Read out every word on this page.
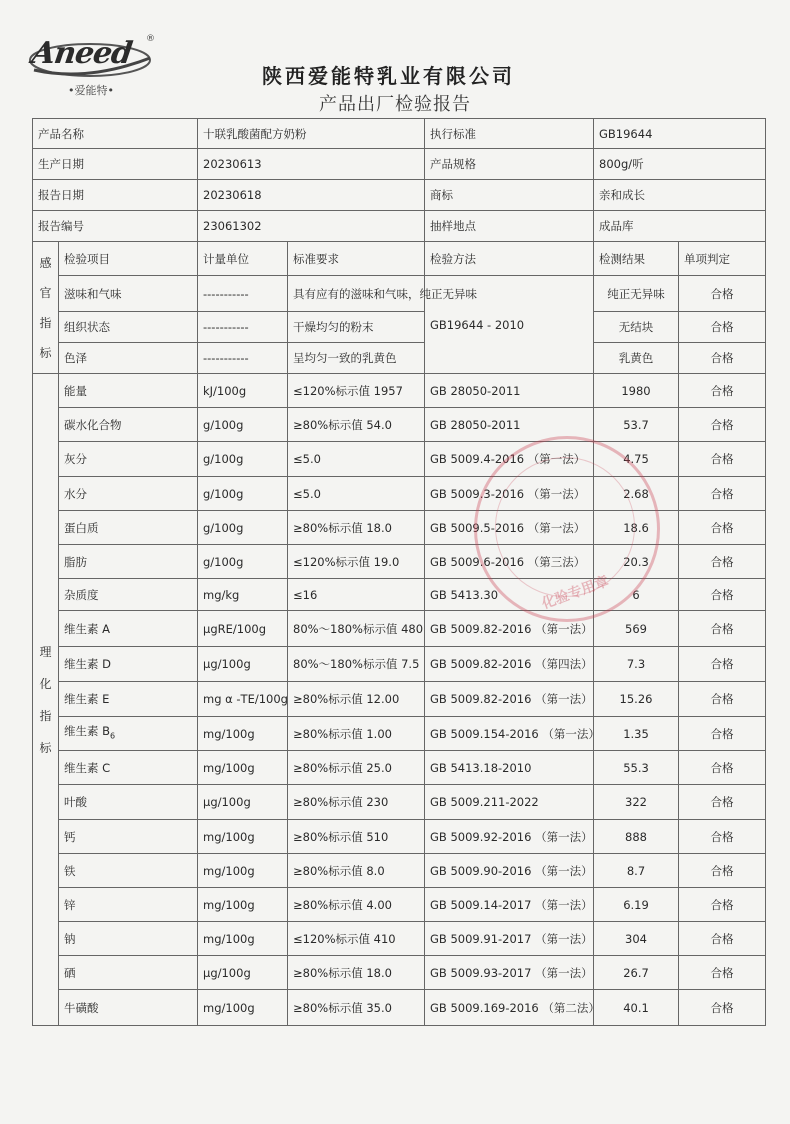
Aneed	®
•爱能特•
陕西爱能特乳业有限公司
产品出厂检验报告
产品名称		十联乳酸菌配方奶粉		执行标准	GB19644	
生产日期		20230613		产品规格	800g/听	
报告日期		20230618		商标	亲和成长	
报告编号		23061302		抽样地点	成品库	

感
官
指
标	检验项目	计量单位	标准要求	检验方法	检测结果	单项判定
	滋味和气味	-----------	具有应有的滋味和气味，纯正无异味	GB19644 - 2010	纯正无异味	合格
	组织状态	-----------	干燥均匀的粉末		无结块	合格
	色泽	-----------	呈均匀一致的乳黄色		乳黄色	合格

理
化
指
标	能量	kJ/100g	≤120%标示值 1957	GB 28050-2011	1980	合格
	碳水化合物	g/100g	≥80%标示值 54.0	GB 28050-2011	53.7	合格
	灰分	g/100g	≤5.0	GB 5009.4-2016 （第一法）	4.75	合格
	水分	g/100g	≤5.0	GB 5009.3-2016 （第一法）	2.68	合格
	蛋白质	g/100g	≥80%标示值 18.0	GB 5009.5-2016 （第一法）	18.6	合格
	脂肪	g/100g	≤120%标示值 19.0	GB 5009.6-2016 （第三法）	20.3	合格
	杂质度	mg/kg	≤16	GB 5413.30	6	合格
	维生素 A	μgRE/100g	80%～180%标示值 480	GB 5009.82-2016 （第一法）	569	合格
	维生素 D	μg/100g	80%～180%标示值 7.5	GB 5009.82-2016 （第四法）	7.3	合格
	维生素 E	mg α -TE/100g	≥80%标示值 12.00	GB 5009.82-2016 （第一法）	15.26	合格
	维生素 $B_6$	mg/100g	≥80%标示值 1.00	GB 5009.154-2016 （第一法）	1.35	合格
	维生素 C	mg/100g	≥80%标示值 25.0	GB 5413.18-2010	55.3	合格
	叶酸	μg/100g	≥80%标示值 230	GB 5009.211-2022	322	合格
	钙	mg/100g	≥80%标示值 510	GB 5009.92-2016 （第一法）	888	合格
	铁	mg/100g	≥80%标示值 8.0	GB 5009.90-2016 （第一法）	8.7	合格
	锌	mg/100g	≥80%标示值 4.00	GB 5009.14-2017 （第一法）	6.19	合格
	钠	mg/100g	≤120%标示值 410	GB 5009.91-2017 （第一法）	304	合格
	硒	μg/100g	≥80%标示值 18.0	GB 5009.93-2017 （第一法）	26.7	合格
	牛磺酸	mg/100g	≥80%标示值 35.0	GB 5009.169-2016 （第二法）	40.1	合格
化验专用章
